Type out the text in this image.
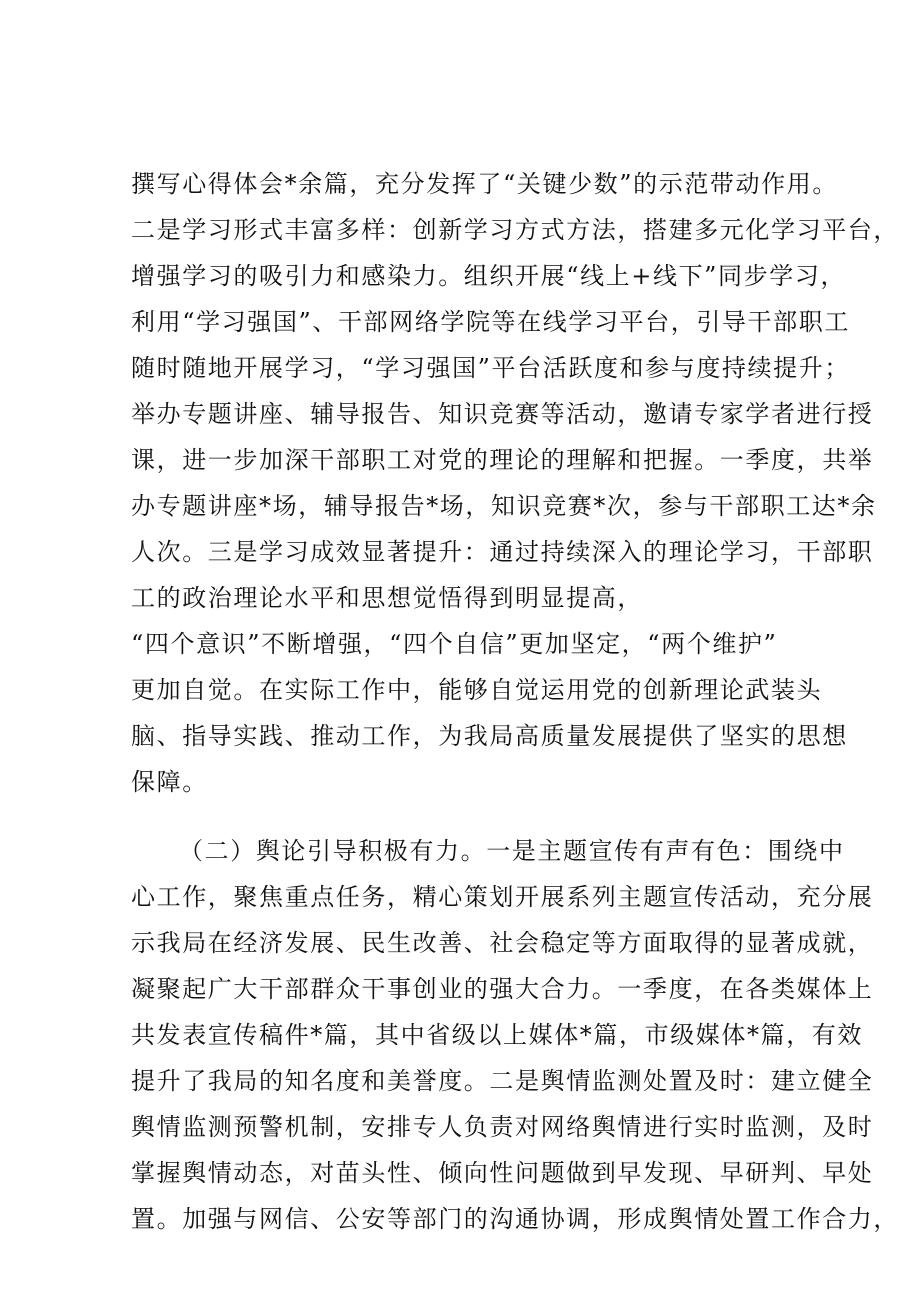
撰写心得体会*余篇，充分发挥了“关键少数”的示范带动作用。
二是学习形式丰富多样：创新学习方式方法，搭建多元化学习平台，
增强学习的吸引力和感染力。组织开展“线上+线下”同步学习，
利用“学习强国”、干部网络学院等在线学习平台，引导干部职工
随时随地开展学习，“学习强国”平台活跃度和参与度持续提升；
举办专题讲座、辅导报告、知识竞赛等活动，邀请专家学者进行授
课，进一步加深干部职工对党的理论的理解和把握。一季度，共举
办专题讲座*场，辅导报告*场，知识竞赛*次，参与干部职工达*余
人次。三是学习成效显著提升：通过持续深入的理论学习，干部职
工的政治理论水平和思想觉悟得到明显提高，
“四个意识”不断增强，“四个自信”更加坚定，“两个维护”
更加自觉。在实际工作中，能够自觉运用党的创新理论武装头
脑、指导实践、推动工作，为我局高质量发展提供了坚实的思想
保障。
（二）舆论引导积极有力。一是主题宣传有声有色：围绕中
心工作，聚焦重点任务，精心策划开展系列主题宣传活动，充分展
示我局在经济发展、民生改善、社会稳定等方面取得的显著成就，
凝聚起广大干部群众干事创业的强大合力。一季度，在各类媒体上
共发表宣传稿件*篇，其中省级以上媒体*篇，市级媒体*篇，有效
提升了我局的知名度和美誉度。二是舆情监测处置及时：建立健全
舆情监测预警机制，安排专人负责对网络舆情进行实时监测，及时
掌握舆情动态，对苗头性、倾向性问题做到早发现、早研判、早处
置。加强与网信、公安等部门的沟通协调，形成舆情处置工作合力，
